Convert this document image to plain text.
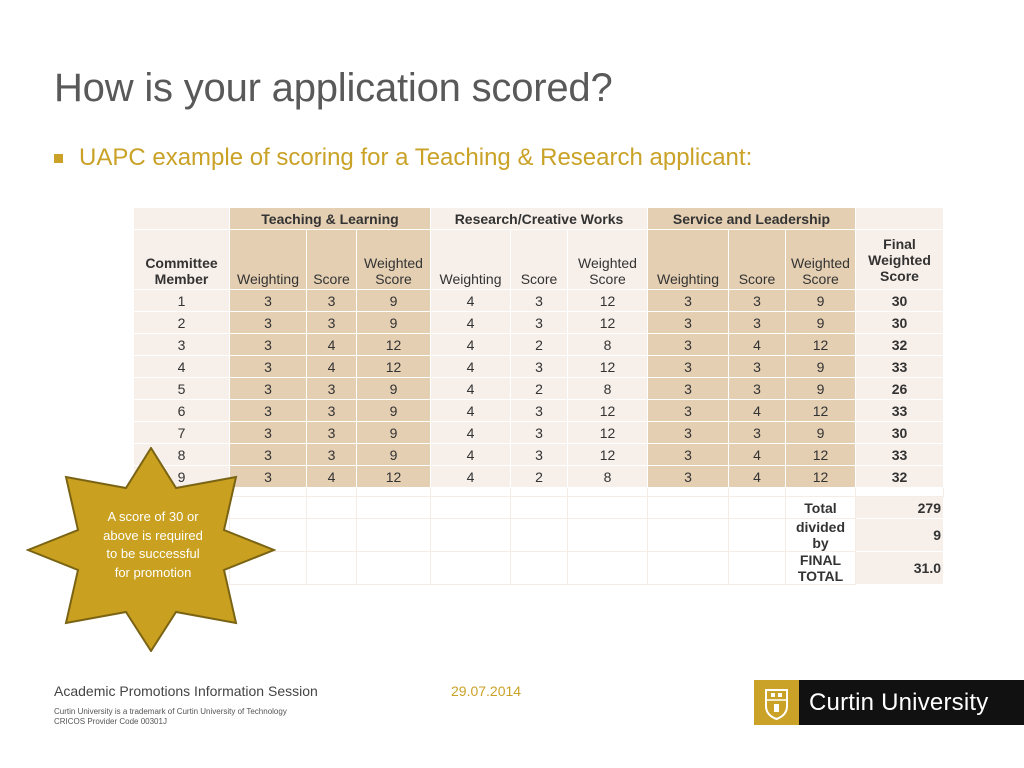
How is your application scored?
UAPC example of scoring for a Teaching & Research applicant:
	Teaching & Learning			Research/Creative Works			Service and Leadership			
Committee Member	Weighting	Score	Weighted Score	Weighting	Score	Weighted Score	Weighting	Score	Weighted Score	Final Weighted Score
1	3	3	9	4	3	12	3	3	9	30
2	3	3	9	4	3	12	3	3	9	30
3	3	4	12	4	2	8	3	4	12	32
4	3	4	12	4	3	12	3	3	9	33
5	3	3	9	4	2	8	3	3	9	26
6	3	3	9	4	3	12	3	4	12	33
7	3	3	9	4	3	12	3	3	9	30
8	3	3	9	4	3	12	3	4	12	33
9	3	4	12	4	2	8	3	4	12	32

									Total	279
									divided by	9
									FINAL TOTAL	31.0
A score of 30 or above is required to be successful for promotion
Academic Promotions Information Session	29.07.2014
Curtin University is a trademark of Curtin University of Technology
CRICOS Provider Code 00301J
Curtin University
